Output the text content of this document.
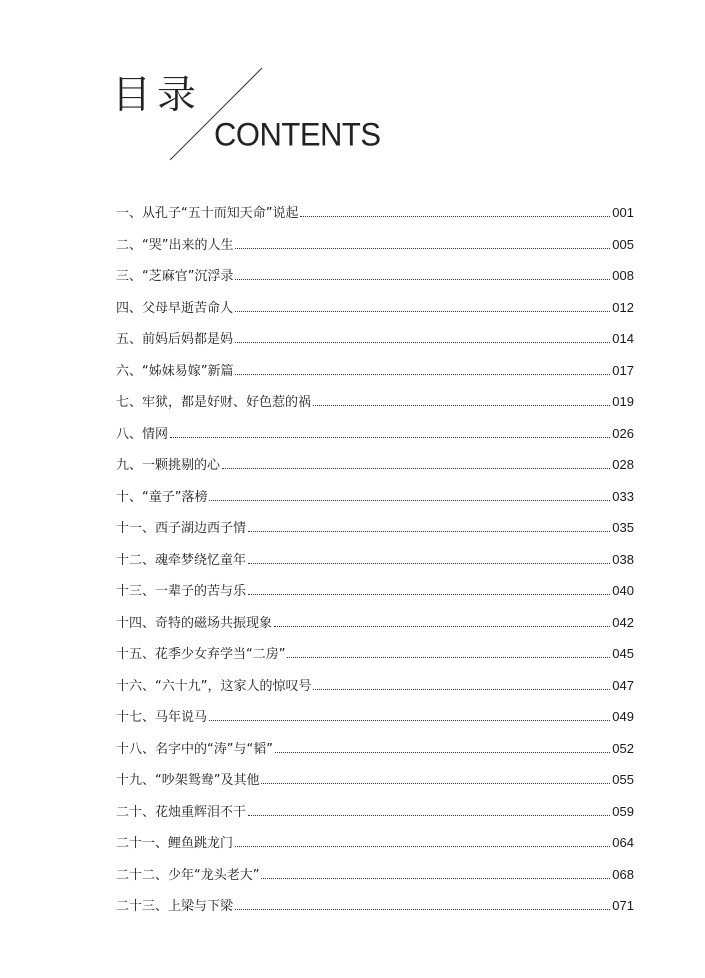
目录
CONTENTS
一、从孔子“五十而知天命”说起	001
二、“哭”出来的人生	005
三、“芝麻官”沉浮录	008
四、父母早逝苦命人	012
五、前妈后妈都是妈	014
六、“姊妹易嫁”新篇	017
七、牢狱，都是好财、好色惹的祸	019
八、情网	026
九、一颗挑剔的心	028
十、“童子”落榜	033
十一、西子湖边西子情	035
十二、魂牵梦绕忆童年	038
十三、一辈子的苦与乐	040
十四、奇特的磁场共振现象	042
十五、花季少女弃学当“二房”	045
十六、“六十九”，这家人的惊叹号	047
十七、马年说马	049
十八、名字中的“涛”与“韬”	052
十九、“吵架鸳鸯”及其他	055
二十、花烛重辉泪不干	059
二十一、鲤鱼跳龙门	064
二十二、少年“龙头老大”	068
二十三、上梁与下梁	071
